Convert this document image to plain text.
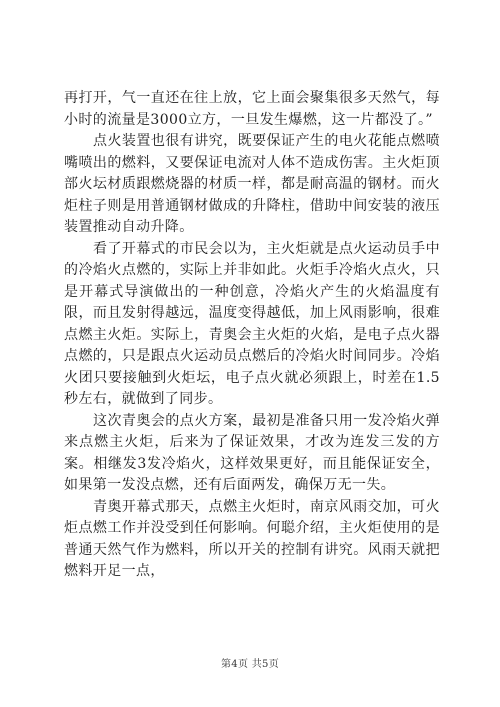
再打开，气一直还在往上放，它上面会聚集很多天然气，每小时的流量是3000立方，一旦发生爆燃，这一片都没了。”

点火装置也很有讲究，既要保证产生的电火花能点燃喷嘴喷出的燃料，又要保证电流对人体不造成伤害。主火炬顶部火坛材质跟燃烧器的材质一样，都是耐高温的钢材。而火炬柱子则是用普通钢材做成的升降柱，借助中间安装的液压装置推动自动升降。

看了开幕式的市民会以为，主火炬就是点火运动员手中的冷焰火点燃的，实际上并非如此。火炬手冷焰火点火，只是开幕式导演做出的一种创意，冷焰火产生的火焰温度有限，而且发射得越远，温度变得越低，加上风雨影响，很难点燃主火炬。实际上，青奥会主火炬的火焰，是电子点火器点燃的，只是跟点火运动员点燃后的冷焰火时间同步。冷焰火团只要接触到火炬坛，电子点火就必须跟上，时差在1.5秒左右，就做到了同步。

这次青奥会的点火方案，最初是准备只用一发冷焰火弹来点燃主火炬，后来为了保证效果，才改为连发三发的方案。相继发3发冷焰火，这样效果更好，而且能保证安全，如果第一发没点燃，还有后面两发，确保万无一失。

青奥开幕式那天，点燃主火炬时，南京风雨交加，可火炬点燃工作并没受到任何影响。何聪介绍，主火炬使用的是普通天然气作为燃料，所以开关的控制有讲究。风雨天就把燃料开足一点，

第4页 共5页
